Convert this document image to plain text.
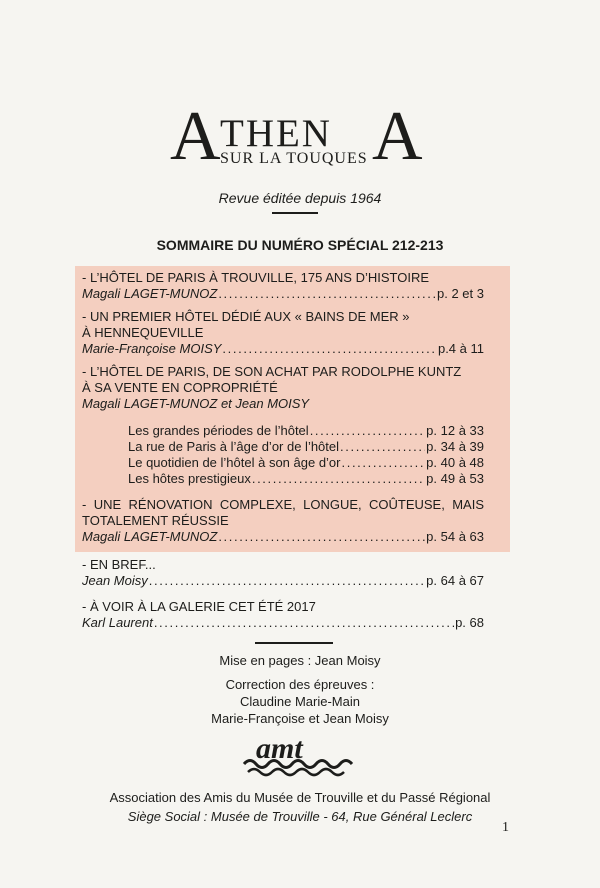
A THEN A
SUR LA TOUQUES
Revue éditée depuis 1964
SOMMAIRE DU NUMÉRO SPÉCIAL 212-213
- L’HÔTEL DE PARIS À TROUVILLE, 175 ANS D’HISTOIRE
Magali LAGET-MUNOZ . . .	p. 2 et 3
- UN PREMIER HÔTEL DÉDIÉ AUX « BAINS DE MER »
À HENNEQUEVILLE
Marie-Françoise MOISY . . .	p.4 à 11
- L’HÔTEL DE PARIS, DE SON ACHAT PAR RODOLPHE KUNTZ
À SA VENTE EN COPROPRIÉTÉ
Magali LAGET-MUNOZ et Jean MOISY
Les grandes périodes de l’hôtel . . .	p. 12 à 33
La rue de Paris à l’âge d’or de l’hôtel . . .	p. 34 à 39
Le quotidien de l’hôtel à son âge d’or . . .	p. 40 à 48
Les hôtes prestigieux . . .	p. 49 à 53
- UNE RÉNOVATION COMPLEXE, LONGUE, COÛTEUSE, MAIS
TOTALEMENT RÉUSSIE
Magali LAGET-MUNOZ . . .	p. 54 à 63
- EN BREF...
Jean Moisy . . .	p. 64 à 67
- À VOIR À LA GALERIE CET ÉTÉ 2017
Karl Laurent . . .	p. 68
Mise en pages : Jean Moisy
Correction des épreuves :
Claudine Marie-Main
Marie-Françoise et Jean Moisy
amt
Association des Amis du Musée de Trouville et du Passé Régional
Siège Social : Musée de Trouville - 64, Rue Général Leclerc
1
